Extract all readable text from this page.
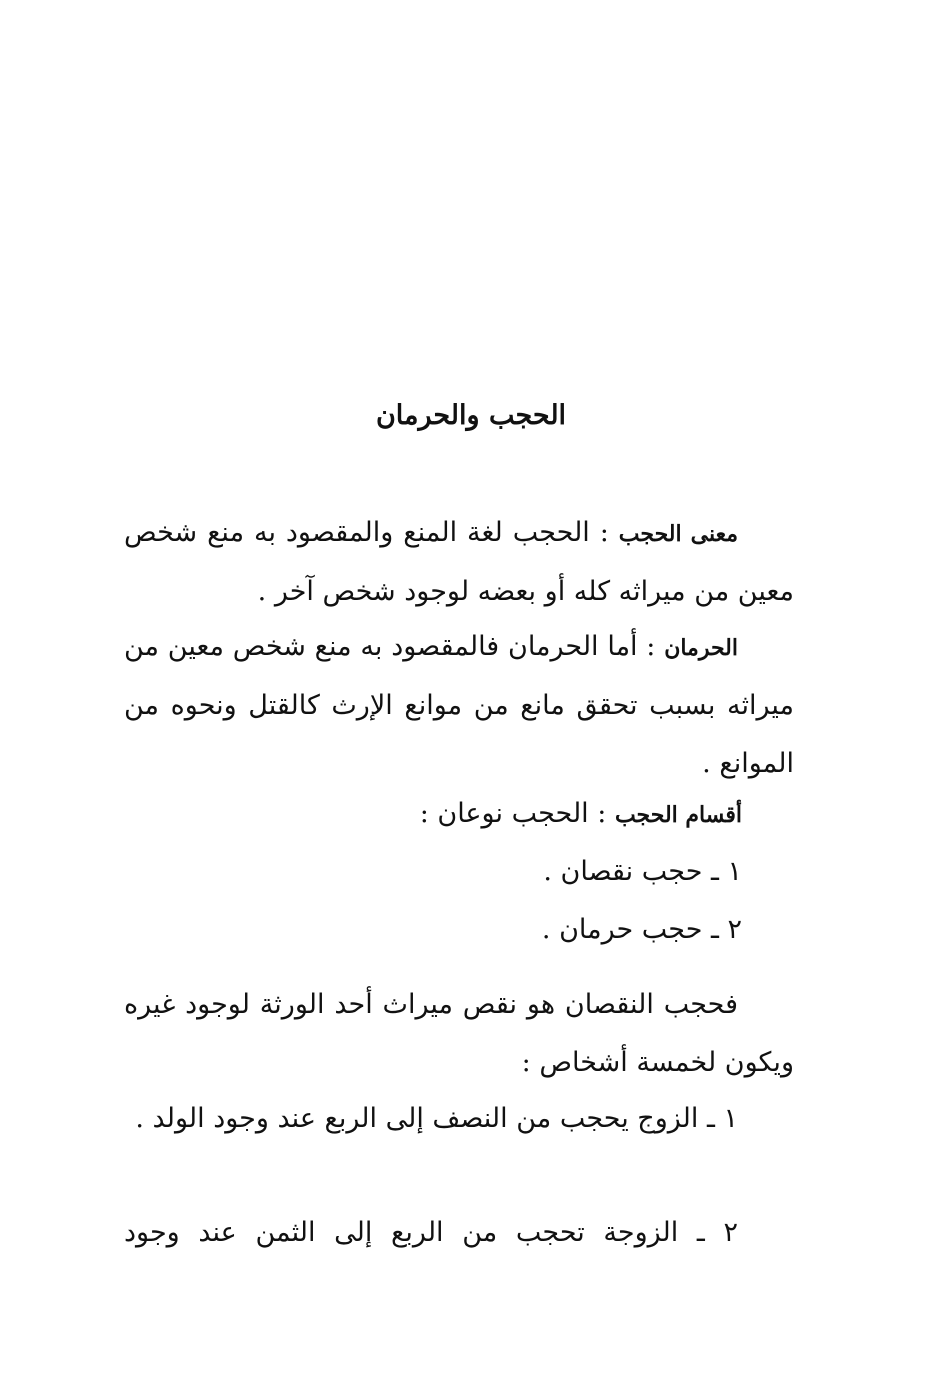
الحجب والحرمان
معنى الحجب : الحجب لغة المنع والمقصود به منع شخص معين من ميراثه كله أو بعضه لوجود شخص آخر .
الحرمان : أما الحرمان فالمقصود به منع شخص معين من ميراثه بسبب تحقق مانع من موانع الإرث كالقتل ونحوه من الموانع .
أقسام الحجب : الحجب نوعان :
١ ـ حجب نقصان .
٢ ـ حجب حرمان .
فحجب النقصان هو نقص ميراث أحد الورثة لوجود غيره ويكون لخمسة أشخاص :
١ ـ الزوج يحجب من النصف إلى الربع عند وجود الولد .
٢ ـ الزوجة تحجب من الربع إلى الثمن عند وجود
